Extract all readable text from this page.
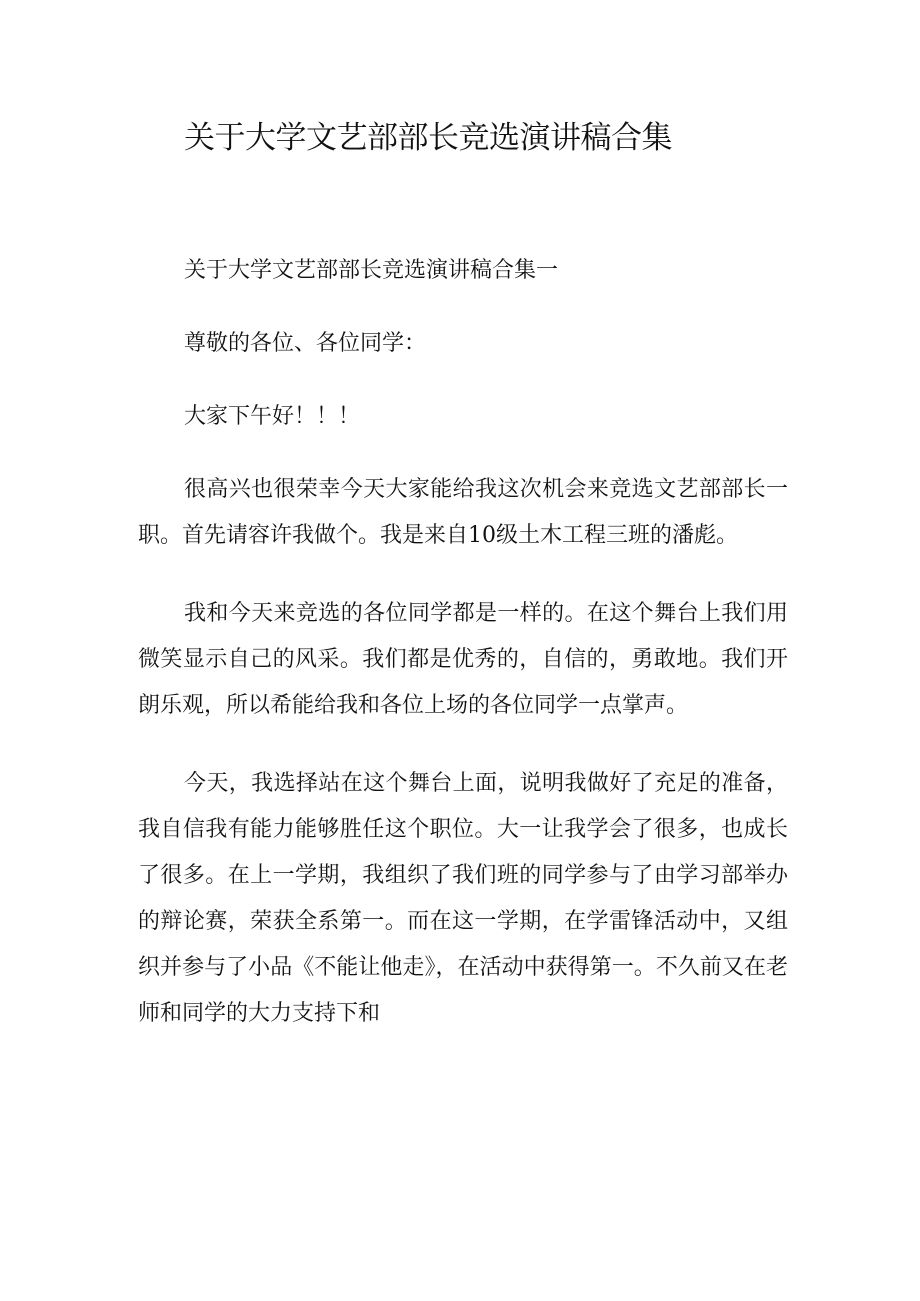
关于大学文艺部部长竞选演讲稿合集

关于大学文艺部部长竞选演讲稿合集一

尊敬的各位、各位同学：

大家下午好！！！

很高兴也很荣幸今天大家能给我这次机会来竞选文艺部部长一职。首先请容许我做个。我是来自10级土木工程三班的潘彪。

我和今天来竞选的各位同学都是一样的。在这个舞台上我们用微笑显示自己的风采。我们都是优秀的，自信的，勇敢地。我们开朗乐观，所以希能给我和各位上场的各位同学一点掌声。

今天，我选择站在这个舞台上面，说明我做好了充足的准备，我自信我有能力能够胜任这个职位。大一让我学会了很多，也成长了很多。在上一学期，我组织了我们班的同学参与了由学习部举办的辩论赛，荣获全系第一。而在这一学期，在学雷锋活动中，又组织并参与了小品《不能让他走》，在活动中获得第一。不久前又在老师和同学的大力支持下和
